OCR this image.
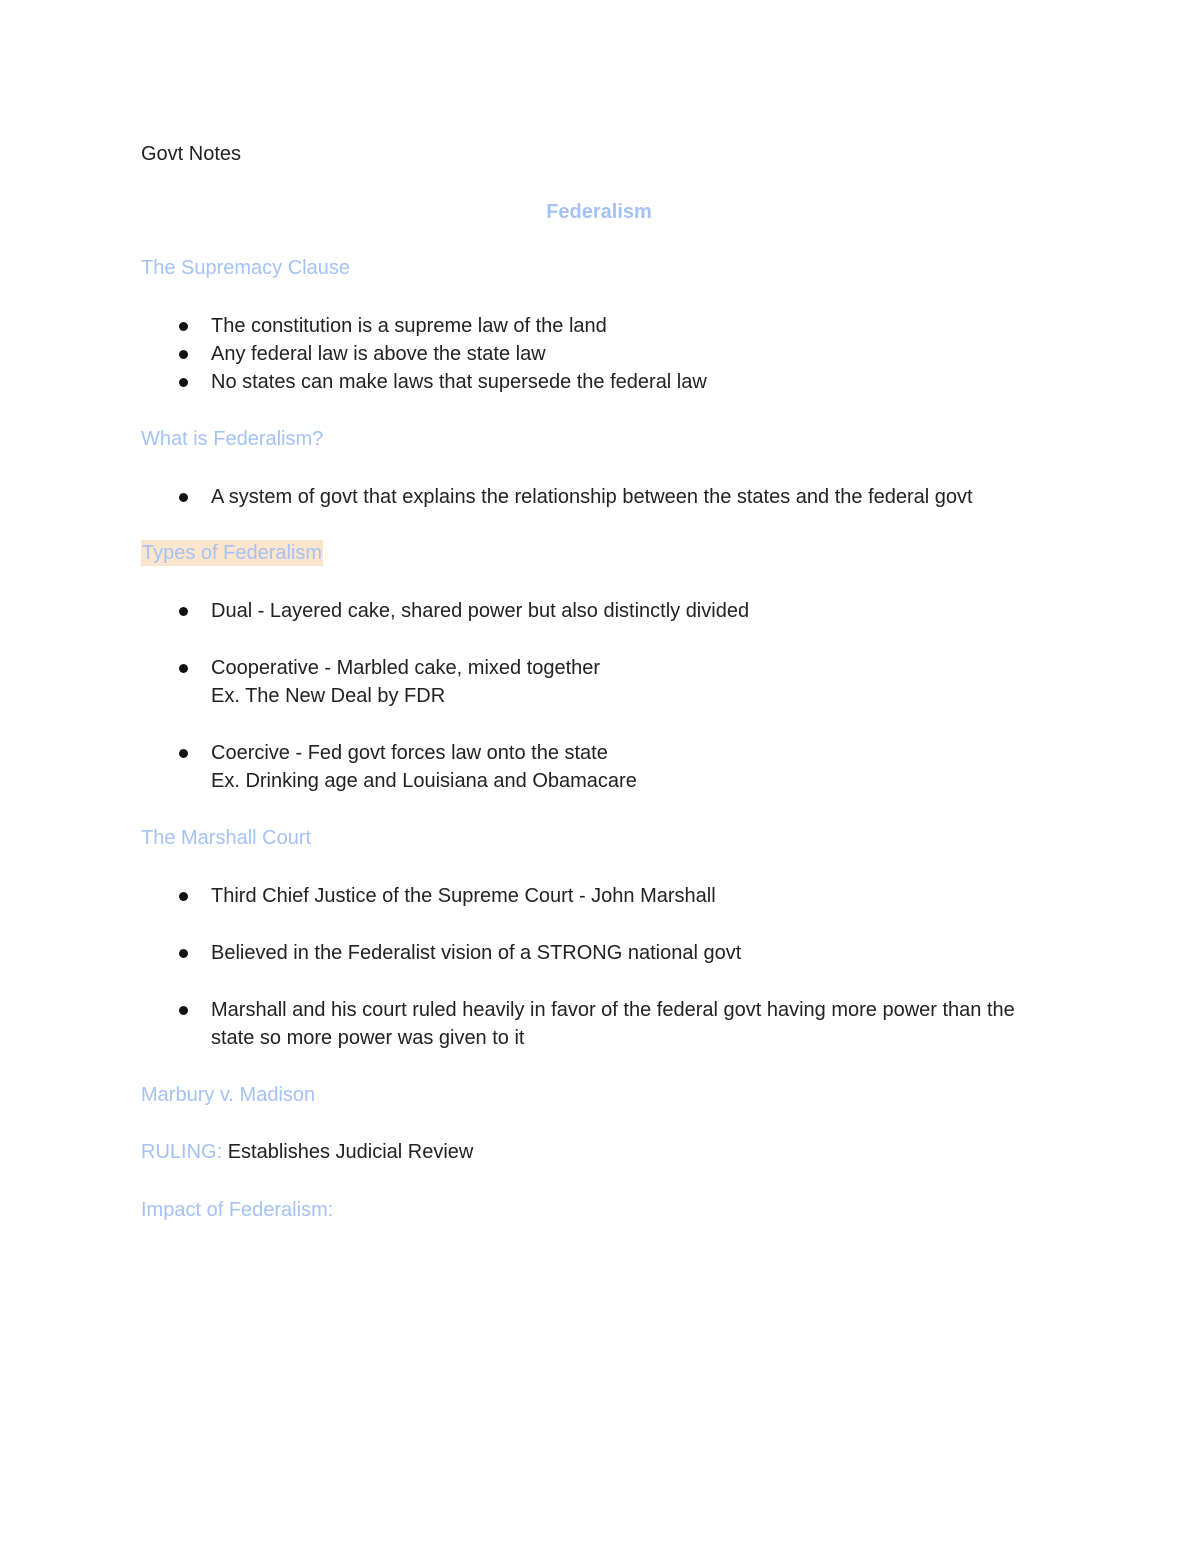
Govt Notes
Federalism
The Supremacy Clause
The constitution is a supreme law of the land
Any federal law is above the state law
No states can make laws that supersede the federal law
What is Federalism?
A system of govt that explains the relationship between the states and the federal govt
Types of Federalism
Dual - Layered cake, shared power but also distinctly divided
Cooperative - Marbled cake, mixed together
Ex. The New Deal by FDR
Coercive - Fed govt forces law onto the state
Ex. Drinking age and Louisiana and Obamacare
The Marshall Court
Third Chief Justice of the Supreme Court - John Marshall
Believed in the Federalist vision of a STRONG national govt
Marshall and his court ruled heavily in favor of the federal govt having more power than the state so more power was given to it
Marbury v. Madison
RULING: Establishes Judicial Review
Impact of Federalism:
